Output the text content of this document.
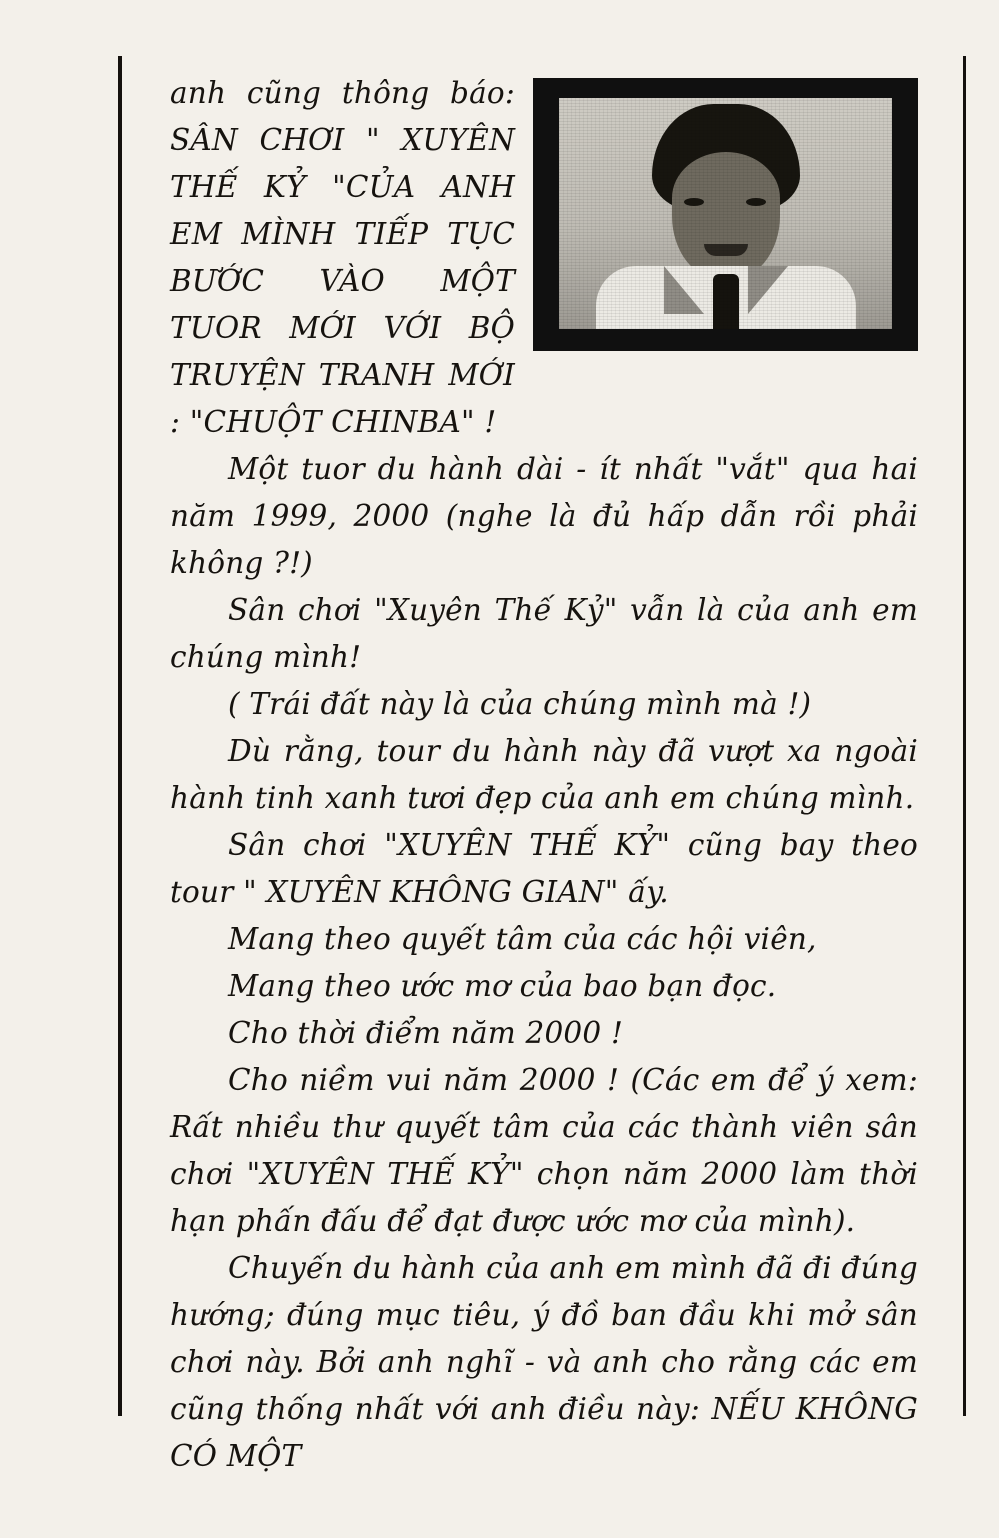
anh cũng thông báo: SÂN CHƠI " XUYÊN THẾ KỶ "CỦA ANH EM MÌNH TIẾP TỤC BƯỚC VÀO MỘT TUOR MỚI VỚI BỘ TRUYỆN TRANH MỚI : "CHUỘT CHINBA" !

Một tuor du hành dài - ít nhất "vắt" qua hai năm 1999, 2000 (nghe là đủ hấp dẫn rồi phải không ?!)

Sân chơi "Xuyên Thế Kỷ" vẫn là của anh em chúng mình!

( Trái đất này là của chúng mình mà !)

Dù rằng, tour du hành này đã vượt xa ngoài hành tinh xanh tươi đẹp của anh em chúng mình.

Sân chơi "XUYÊN THẾ KỶ" cũng bay theo tour " XUYÊN KHÔNG GIAN" ấy.

Mang theo quyết tâm của các hội viên,

Mang theo ước mơ của bao bạn đọc.

Cho thời điểm năm 2000 !

Cho niềm vui năm 2000 ! (Các em để ý xem: Rất nhiều thư quyết tâm của các thành viên sân chơi "XUYÊN THẾ KỶ" chọn năm 2000 làm thời hạn phấn đấu để đạt được ước mơ của mình).

Chuyến du hành của anh em mình đã đi đúng hướng; đúng mục tiêu, ý đồ ban đầu khi mở sân chơi này. Bởi anh nghĩ - và anh cho rằng các em cũng thống nhất với anh điều này: NẾU KHÔNG CÓ MỘT
